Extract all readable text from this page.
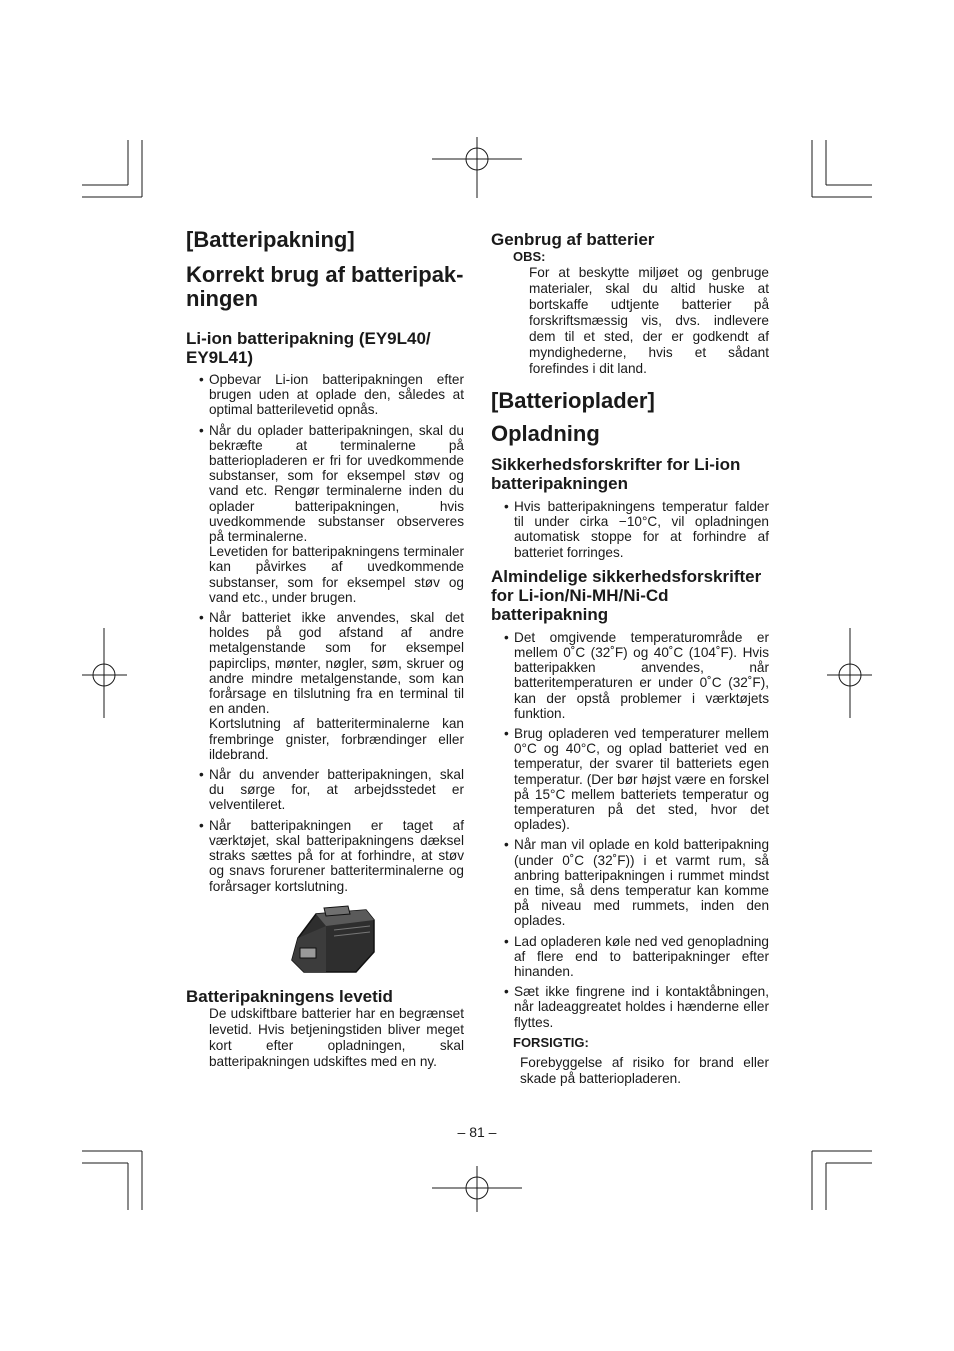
[Batteripakning]
Korrekt brug af batteripak-ningen
Li-ion batteripakning (EY9L40/ EY9L41)
• Opbevar Li-ion batteripakningen efter brugen uden at oplade den, således at optimal batterilevetid opnås.
• Når du oplader batteripakningen, skal du bekræfte at terminalerne på batteriopladeren er fri for uvedkommende substanser, som for eksempel støv og vand etc. Rengør terminalerne inden du oplader batteripakningen, hvis uvedkommende substanser observeres på terminalerne.
Levetiden for batteripakningens terminaler kan påvirkes af uvedkommende substanser, som for eksempel støv og vand etc., under brugen.
• Når batteriet ikke anvendes, skal det holdes på god afstand af andre metalgenstande som for eksempel papirclips, mønter, nøgler, søm, skruer og andre mindre metalgenstande, som kan forårsage en tilslutning fra en terminal til en anden.
Kortslutning af batteriterminalerne kan frembringe gnister, forbrændinger eller ildebrand.
• Når du anvender batteripakningen, skal du sørge for, at arbejdsstedet er velventileret.
• Når batteripakningen er taget af værktøjet, skal batteripakningens dæksel straks sættes på for at forhindre, at støv og snavs forurener batteriterminalerne og forårsager kortslutning.
Batteripakningens levetid

De udskiftbare batterier har en begrænset levetid. Hvis betjeningstiden bliver meget kort efter opladningen, skal batteripakningen udskiftes med en ny.

Genbrug af batterier

OBS:

For at beskytte miljøet og genbruge materialer, skal du altid huske at bortskaffe udtjente batterier på forskriftsmæssig vis, dvs. indlevere dem til et sted, der er godkendt af myndighederne, hvis et sådant forefindes i dit land.

[Batterioplader]
Opladning
Sikkerhedsforskrifter for Li-ion batteripakningen
• Hvis batteripakningens temperatur falder til under cirka −10°C, vil opladningen automatisk stoppe for at forhindre af batteriet forringes.
Almindelige sikkerhedsforskrifter for Li-ion/Ni-MH/Ni-Cd batteripakning
• Det omgivende temperaturområde er mellem 0˚C (32˚F) og 40˚C (104˚F). Hvis batteripakken anvendes, når batteritemperaturen er under 0˚C (32˚F), kan der opstå problemer i værktøjets funktion.
• Brug opladeren ved temperaturer mellem 0°C og 40°C, og oplad batteriet ved en temperatur, der svarer til batteriets egen temperatur. (Der bør højst være en forskel på 15°C mellem batteriets temperatur og temperaturen på det sted, hvor det oplades).
• Når man vil oplade en kold batteripakning (under 0˚C (32˚F)) i et varmt rum, så anbring batteripakningen i rummet mindst en time, så dens temperatur kan komme på niveau med rummets, inden den oplades.
• Lad opladeren køle ned ved genopladning af flere end to batteripakninger efter hinanden.
• Sæt ikke fingrene ind i kontaktåbningen, når ladeaggreatet holdes i hænderne eller flyttes.

FORSIGTIG:

Forebyggelse af risiko for brand eller skade på batteriopladeren.

– 81 –
